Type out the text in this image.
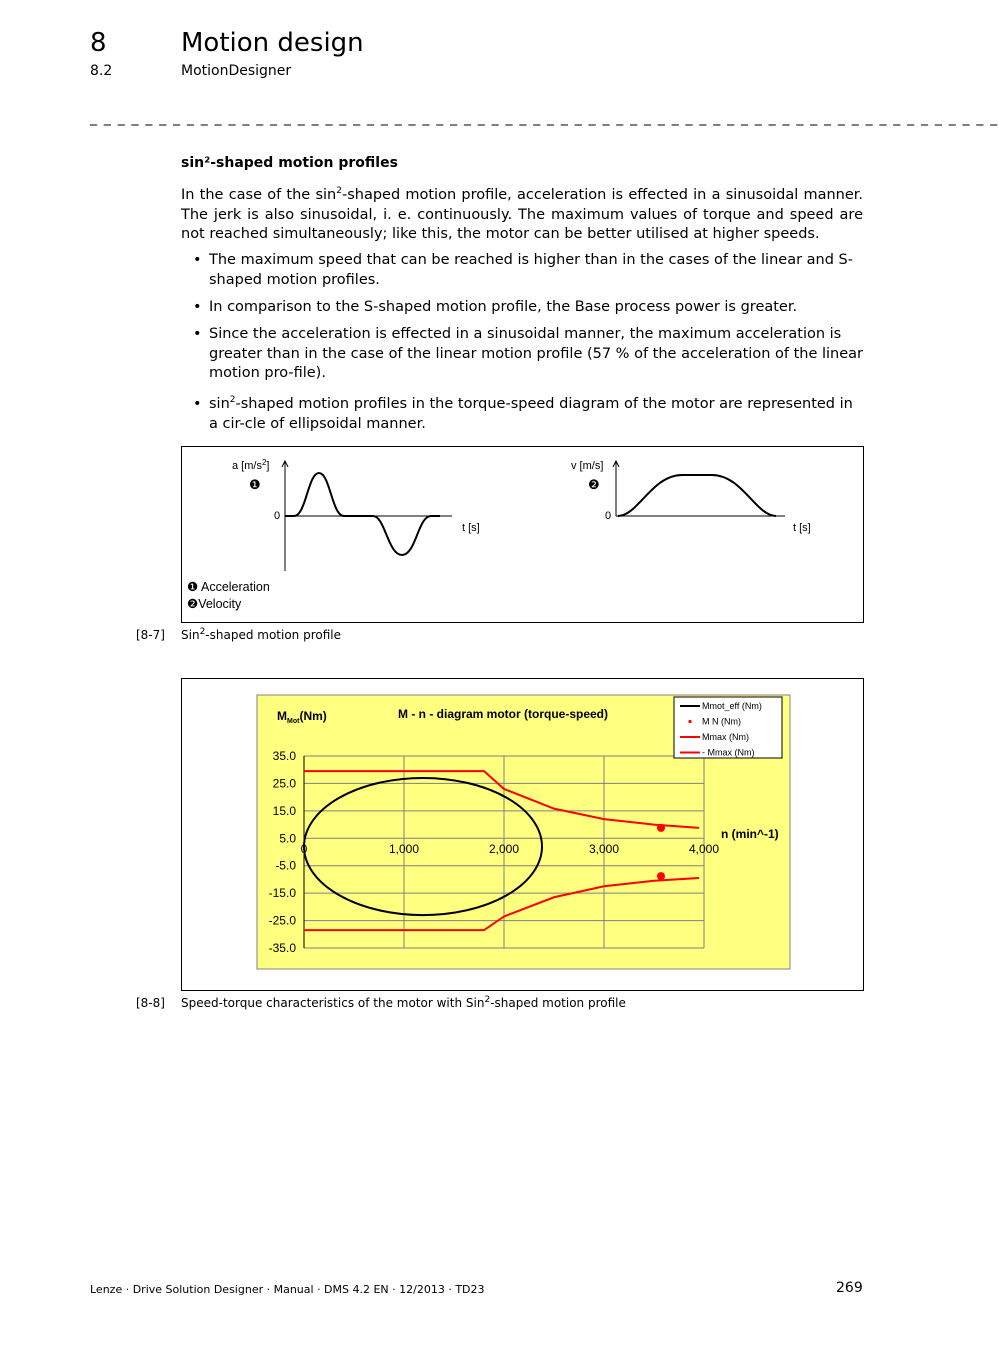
8	Motion design
8.2	MotionDesigner
_ _ _ _ _ _ _ _ _ _ _ _ _ _ _ _ _ _ _ _ _ _ _ _ _ _ _ _ _ _ _ _ _ _ _ _ _ _ _ _ _ _ _ _ _ _ _ _ _ _ _ _ _ _ _ _ _ _ _ _ _ _ _ _ _ _
sin²-shaped motion profiles
In the case of the $\sin^2$-shaped motion profile, acceleration is effected in a sinusoidal manner. The jerk is also sinusoidal, i. e. continuously. The maximum values of torque and speed are not reached simultaneously; like this, the motor can be better utilised at higher speeds.
• The maximum speed that can be reached is higher than in the cases of the linear and S-shaped motion profiles.
• In comparison to the S-shaped motion profile, the Base process power is greater.
• Since the acceleration is effected in a sinusoidal manner, the maximum acceleration is greater than in the case of the linear motion profile (57 % of the acceleration of the linear motion pro-file).
• $\sin^2$-shaped motion profiles in the torque-speed diagram of the motor are represented in a cir-cle of ellipsoidal manner.
a $[m/s^2]$
❶
0
t [s]
v [m/s]
❷
0
t [s]
❶ Acceleration
❷Velocity
[8-7] Sin$^2$-shaped motion profile
$M_{Mot}(Nm)$	M - n - diagram motor (torque-speed)
n (min^-1)
35.0
25.0
15.0
5.0
-5.0
-15.0
-25.0
-35.0
0	1,000	2,000	3,000	4,000
Mmot_eff (Nm)
M N (Nm)
Mmax (Nm)
- Mmax (Nm)
[8-8] Speed-torque characteristics of the motor with Sin$^2$-shaped motion profile
Lenze · Drive Solution Designer · Manual · DMS 4.2 EN · 12/2013 · TD23	269
